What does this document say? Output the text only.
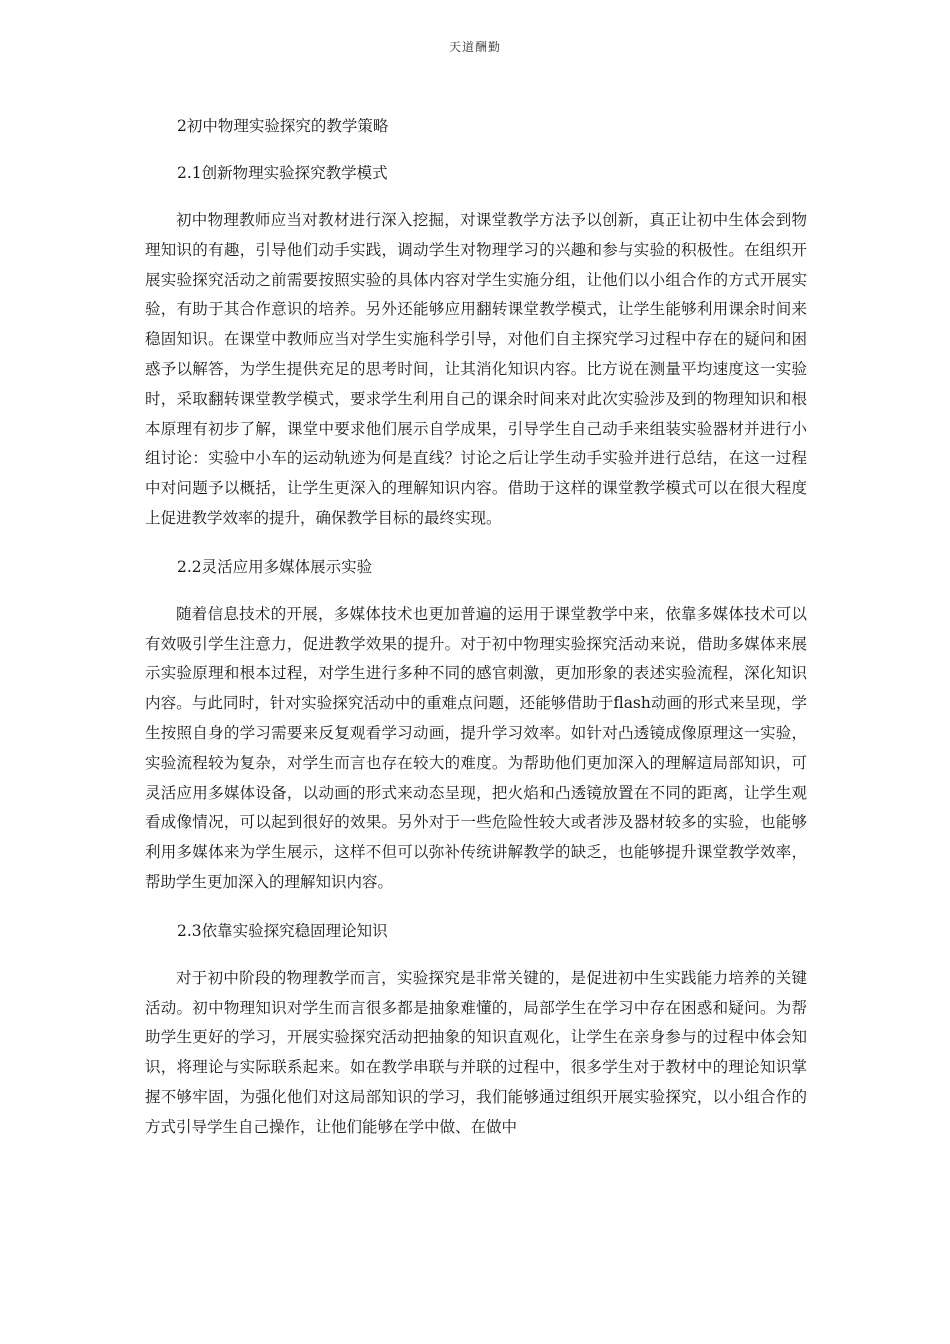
天道酬勤
2初中物理实验探究的教学策略
2.1创新物理实验探究教学模式

初中物理教师应当对教材进行深入挖掘，对课堂教学方法予以创新，真正让初中生体会到物理知识的有趣，引导他们动手实践，调动学生对物理学习的兴趣和参与实验的积极性。在组织开展实验探究活动之前需要按照实验的具体内容对学生实施分组，让他们以小组合作的方式开展实验，有助于其合作意识的培养。另外还能够应用翻转课堂教学模式，让学生能够利用课余时间来稳固知识。在课堂中教师应当对学生实施科学引导，对他们自主探究学习过程中存在的疑问和困惑予以解答，为学生提供充足的思考时间，让其消化知识内容。比方说在测量平均速度这一实验时，采取翻转课堂教学模式，要求学生利用自己的课余时间来对此次实验涉及到的物理知识和根本原理有初步了解，课堂中要求他们展示自学成果，引导学生自己动手来组装实验器材并进行小组讨论：实验中小车的运动轨迹为何是直线？讨论之后让学生动手实验并进行总结，在这一过程中对问题予以概括，让学生更深入的理解知识内容。借助于这样的课堂教学模式可以在很大程度上促进教学效率的提升，确保教学目标的最终实现。

2.2灵活应用多媒体展示实验

随着信息技术的开展，多媒体技术也更加普遍的运用于课堂教学中来，依靠多媒体技术可以有效吸引学生注意力，促进教学效果的提升。对于初中物理实验探究活动来说，借助多媒体来展示实验原理和根本过程，对学生进行多种不同的感官刺激，更加形象的表述实验流程，深化知识内容。与此同时，针对实验探究活动中的重难点问题，还能够借助于flash动画的形式来呈现，学生按照自身的学习需要来反复观看学习动画，提升学习效率。如针对凸透镜成像原理这一实验，实验流程较为复杂，对学生而言也存在较大的难度。为帮助他们更加深入的理解這局部知识，可灵活应用多媒体设备，以动画的形式来动态呈现，把火焰和凸透镜放置在不同的距离，让学生观看成像情况，可以起到很好的效果。另外对于一些危险性较大或者涉及器材较多的实验，也能够利用多媒体来为学生展示，这样不但可以弥补传统讲解教学的缺乏，也能够提升课堂教学效率，帮助学生更加深入的理解知识内容。

2.3依靠实验探究稳固理论知识

对于初中阶段的物理教学而言，实验探究是非常关键的，是促进初中生实践能力培养的关键活动。初中物理知识对学生而言很多都是抽象难懂的，局部学生在学习中存在困惑和疑问。为帮助学生更好的学习，开展实验探究活动把抽象的知识直观化，让学生在亲身参与的过程中体会知识，将理论与实际联系起来。如在教学串联与并联的过程中，很多学生对于教材中的理论知识掌握不够牢固，为强化他们对这局部知识的学习，我们能够通过组织开展实验探究，以小组合作的方式引导学生自己操作，让他们能够在学中做、在做中
